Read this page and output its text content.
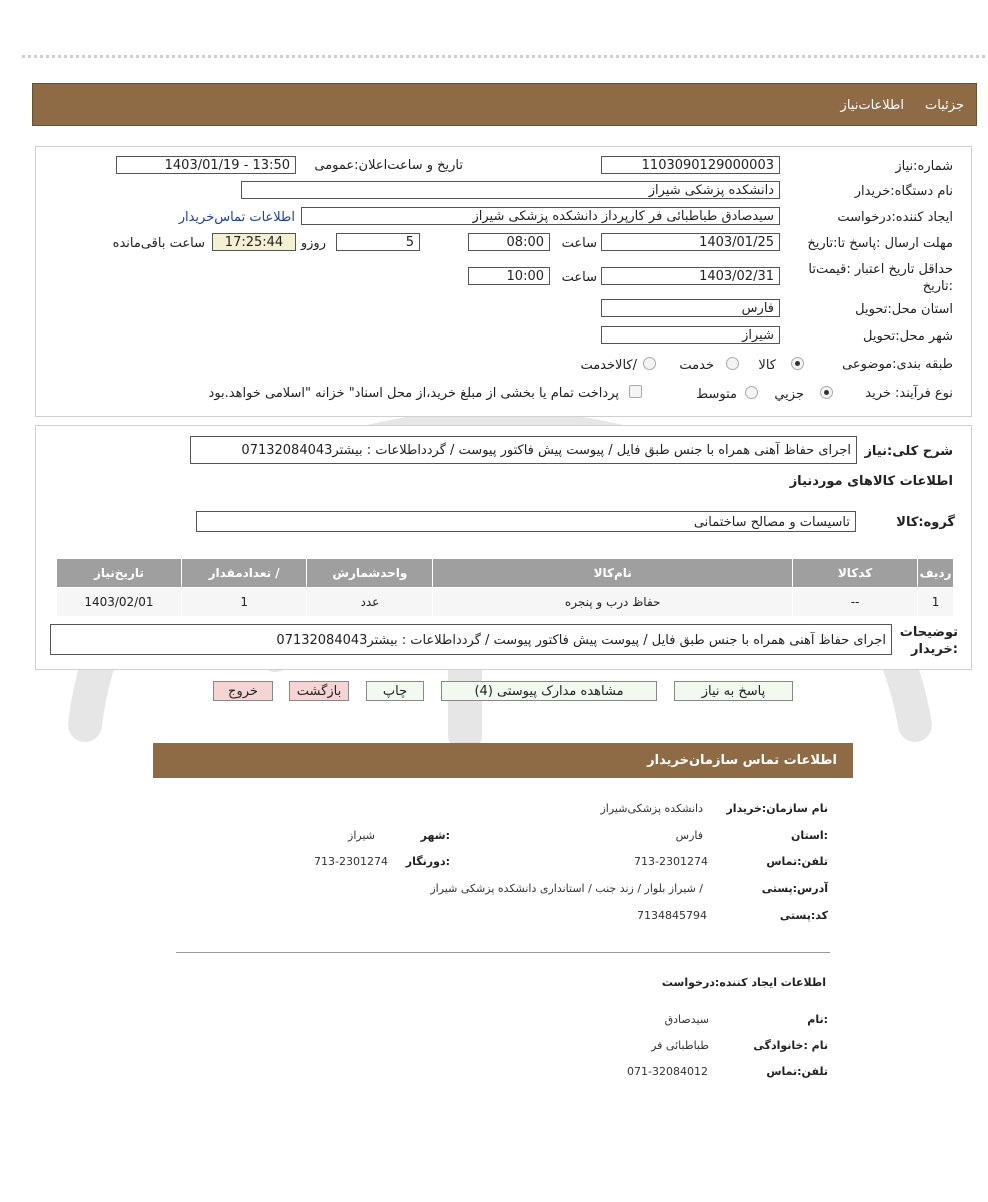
جزئیات
اطلاعات‌نیاز
شماره:نیاز
1103090129000003
تاریخ و ساعت‌اعلان:عمومی
1403/01/19 - 13:50
نام دستگاه:خریدار
دانشکده پزشکی شیراز
ایجاد کننده:درخواست
سیدصادق طباطبائی فر کارپرداز دانشکده پزشکی شیراز
اطلاعات تماس‌خریدار
مهلت ارسال :پاسخ تا:تاریخ
1403/01/25
ساعت
08:00
5
روزو
17:25:44
ساعت باقی‌مانده
حداقل تاریخ اعتبار :قیمت‌تا :تاریخ
1403/02/31
ساعت
10:00
استان محل:تحویل
فارس
شهر محل:تحویل
شیراز
طبقه بندی:موضوعی
کالا
خدمت
/کالاخدمت
نوع فرآیند: خرید
جزیي
متوسط
پرداخت تمام یا بخشی از مبلغ خرید،از محل اسناد" خزانه "اسلامی خواهد.بود
شرح کلی:نیاز
اجرای حفاظ آهنی همراه با جنس طبق فایل / پیوست پیش فاکتور پیوست / گردداطلاعات : بیشتر07132084043
اطلاعات کالاهای موردنیاز
گروه:کالا
تاسیسات و مصالح ساختمانی
ردیف	کدکالا	نام‌کالا	واحدشمارش	/ تعدادمقدار	تاریخ‌نیاز
1	--	حفاظ درب و پنجره	عدد	1	1403/02/01
توضیحات :خریدار
اجرای حفاظ آهنی همراه با جنس طبق فایل / پیوست پیش فاکتور پیوست / گردداطلاعات : بیشتر07132084043
پاسخ به نیاز
مشاهده مدارک پیوستی (4)
چاپ
بازگشت
خروج
اطلاعات تماس سازمان‌خریدار
نام سازمان:خریدار
دانشکده پزشکی‌شیراز
:استان
فارس
:شهر
شیراز
تلفن:تماس
713-2301274
:دورنگار
713-2301274
آدرس:پستی
/ شیراز بلوار / زند جنب / استانداری دانشکده پزشکی شیراز
کد:پستی
7134845794
اطلاعات ایجاد کننده:درخواست
:نام
سیدصادق
نام :خانوادگی
طباطبائی فر
تلفن:تماس
071-32084012
